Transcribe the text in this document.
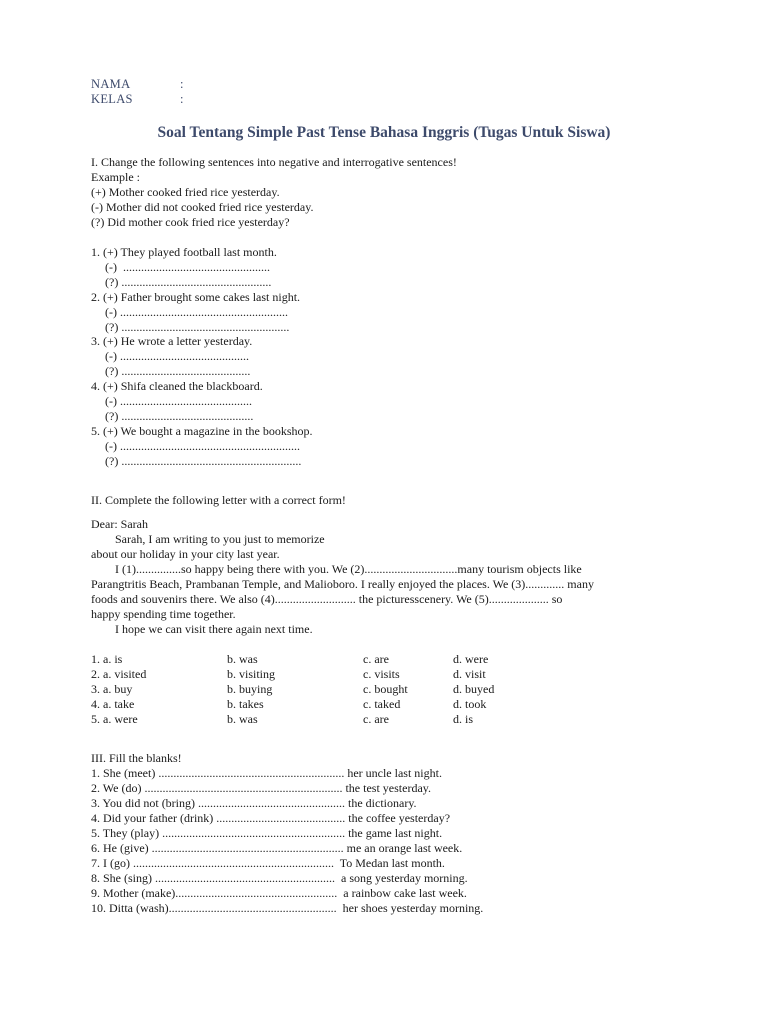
NAMA	:
KELAS	:
Soal Tentang Simple Past Tense Bahasa Inggris (Tugas Untuk Siswa)
I. Change the following sentences into negative and interrogative sentences!
Example :
(+) Mother cooked fried rice yesterday.
(-) Mother did not cooked fried rice yesterday.
(?) Did mother cook fried rice yesterday?
1. (+) They played football last month.
(-)  .................................................
(?) ..................................................
2. (+) Father brought some cakes last night.
(-) ........................................................
(?) ........................................................
3. (+) He wrote a letter yesterday.
(-) ...........................................
(?) ...........................................
4. (+) Shifa cleaned the blackboard.
(-) ............................................
(?) ............................................
5. (+) We bought a magazine in the bookshop.
(-) ............................................................
(?) ............................................................
II. Complete the following letter with a correct form!
Dear: Sarah
Sarah, I am writing to you just to memorize
about our holiday in your city last year.
I (1)...............so happy being there with you. We (2)...............................many tourism objects like
Parangtritis Beach, Prambanan Temple, and Malioboro. I really enjoyed the places. We (3)............. many
foods and souvenirs there. We also (4)........................... the picturesscenery. We (5).................... so
happy spending time together.
I hope we can visit there again next time.
1. a. is	b. was	c. are	d. were
2. a. visited	b. visiting	c. visits	d. visit
3. a. buy	b. buying	c. bought	d. buyed
4. a. take	b. takes	c. taked	d. took
5. a. were	b. was	c. are	d. is
III. Fill the blanks!
1. She (meet) .............................................................. her uncle last night.
2. We (do) .................................................................. the test yesterday.
3. You did not (bring) ................................................. the dictionary.
4. Did your father (drink) ........................................... the coffee yesterday?
5. They (play) ............................................................. the game last night.
6. He (give) ................................................................ me an orange last week.
7. I (go) ...................................................................  To Medan last month.
8. She (sing) ............................................................  a song yesterday morning.
9. Mother (make)......................................................  a rainbow cake last week.
10. Ditta (wash)........................................................  her shoes yesterday morning.
